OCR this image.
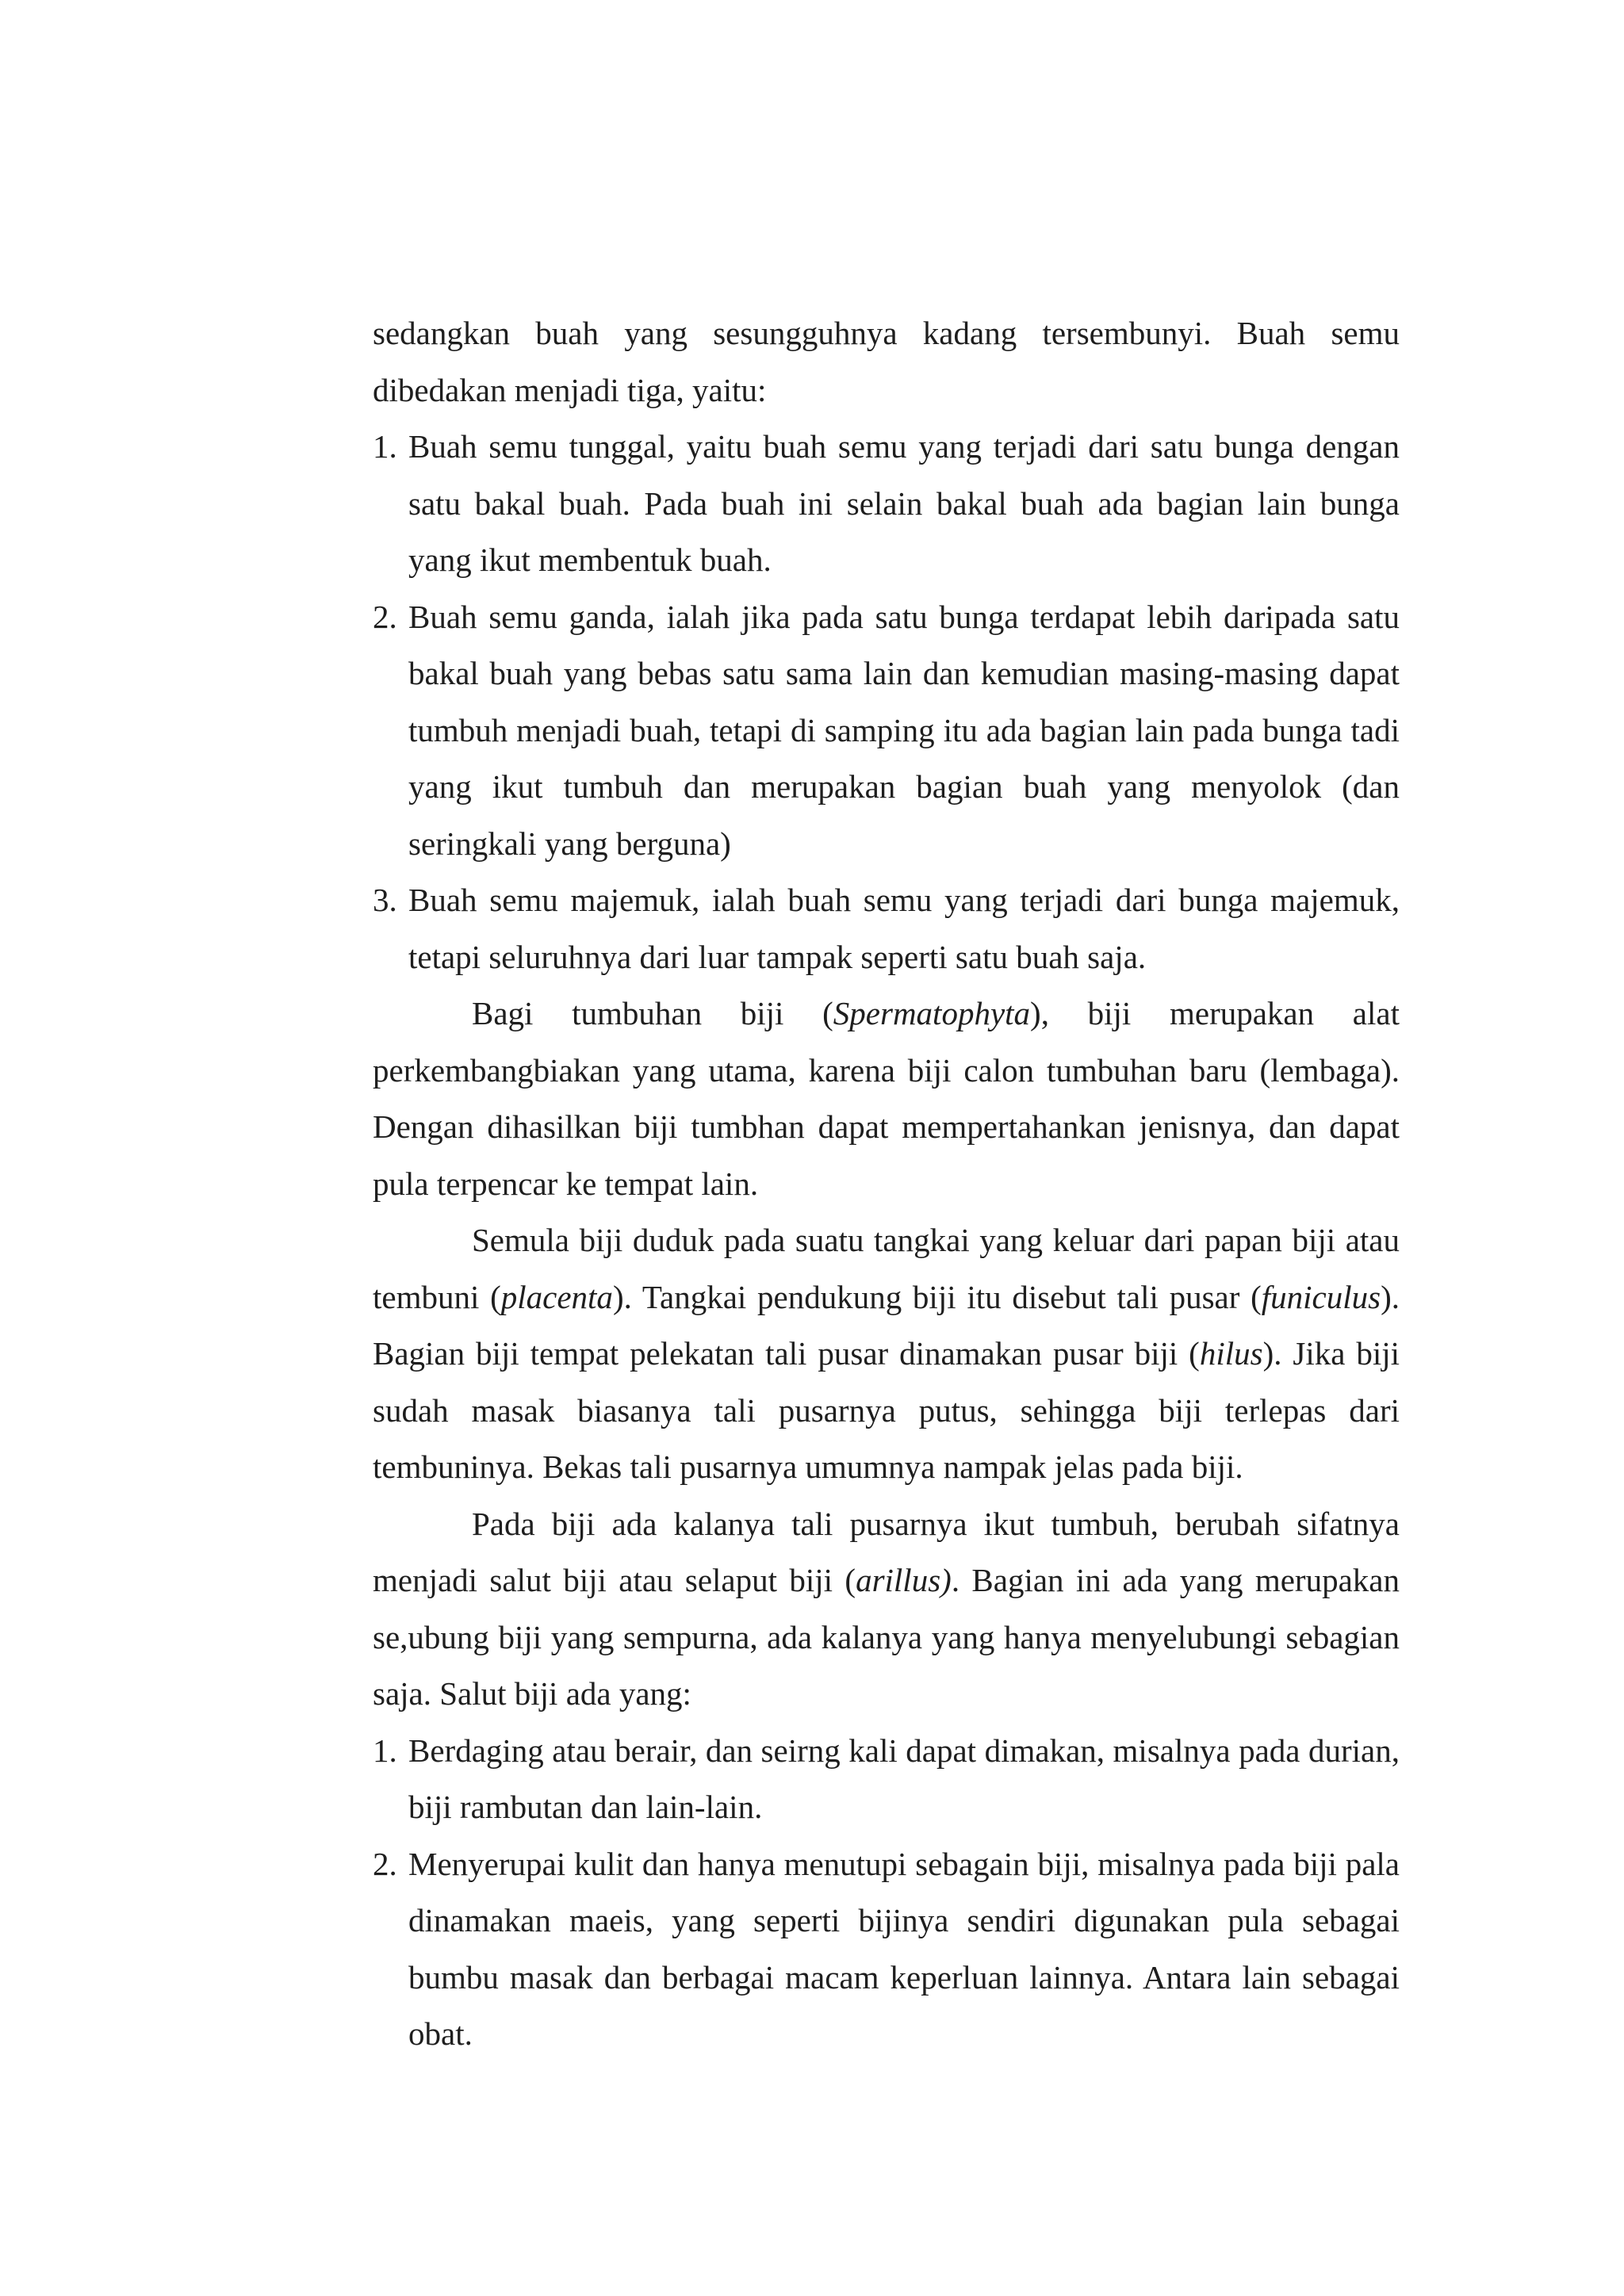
sedangkan buah yang sesungguhnya kadang tersembunyi. Buah semu dibedakan menjadi tiga, yaitu:

1. Buah semu tunggal, yaitu buah semu yang terjadi dari satu bunga dengan satu bakal buah. Pada buah ini selain bakal buah ada bagian lain bunga yang ikut membentuk buah.
2. Buah semu ganda, ialah jika pada satu bunga terdapat lebih daripada satu bakal buah yang bebas satu sama lain dan kemudian masing-masing dapat tumbuh menjadi buah, tetapi di samping itu ada bagian lain pada bunga tadi yang ikut tumbuh dan merupakan bagian buah yang menyolok (dan seringkali yang berguna)
3. Buah semu majemuk, ialah buah semu yang terjadi dari bunga majemuk, tetapi seluruhnya dari luar tampak seperti satu buah saja.

Bagi tumbuhan biji (Spermatophyta), biji merupakan alat perkembangbiakan yang utama, karena biji calon tumbuhan baru (lembaga). Dengan dihasilkan biji tumbhan dapat mempertahankan jenisnya, dan dapat pula terpencar ke tempat lain.

Semula biji duduk pada suatu tangkai yang keluar dari papan biji atau tembuni (placenta). Tangkai pendukung biji itu disebut tali pusar (funiculus). Bagian biji tempat pelekatan tali pusar dinamakan pusar biji (hilus). Jika biji sudah masak biasanya tali pusarnya putus, sehingga biji terlepas dari tembuninya. Bekas tali pusarnya umumnya nampak jelas pada biji.

Pada biji ada kalanya tali pusarnya ikut tumbuh, berubah sifatnya menjadi salut biji atau selaput biji (arillus). Bagian ini ada yang merupakan se,ubung biji yang sempurna, ada kalanya yang hanya menyelubungi sebagian saja. Salut biji ada yang:

1. Berdaging atau berair, dan seirng kali dapat dimakan, misalnya pada durian, biji rambutan dan lain-lain.
2. Menyerupai kulit dan hanya menutupi sebagain biji, misalnya pada biji pala dinamakan maeis, yang seperti bijinya sendiri digunakan pula sebagai bumbu masak dan berbagai macam keperluan lainnya. Antara lain sebagai obat.
